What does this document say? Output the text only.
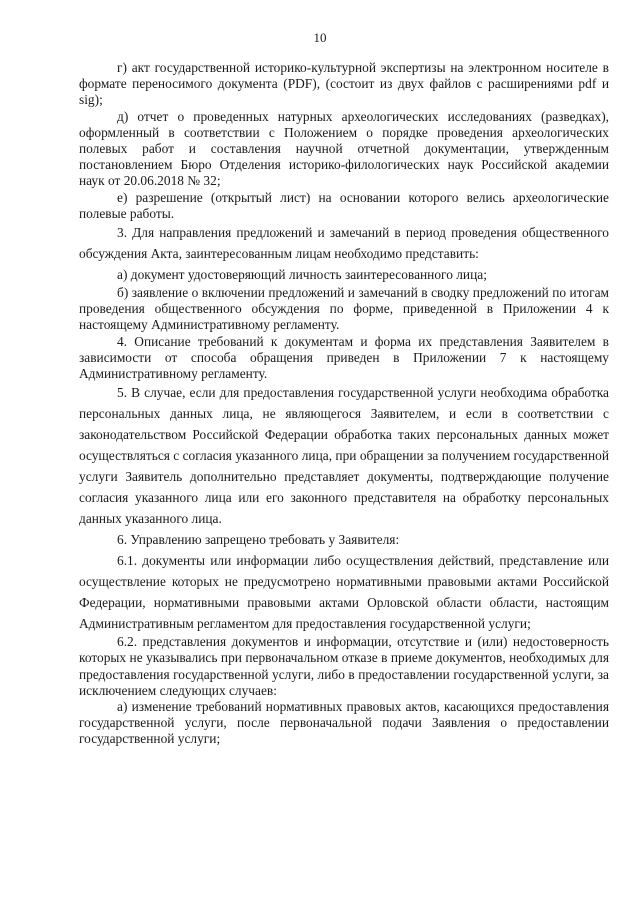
10

г) акт государственной историко-культурной экспертизы на электронном носителе в формате переносимого документа (PDF), (состоит из двух файлов с расширениями pdf и sig);

д) отчет о проведенных натурных археологических исследованиях (разведках), оформленный в соответствии с Положением о порядке проведения археологических полевых работ и составления научной отчетной документации, утвержденным постановлением Бюро Отделения историко-филологических наук Российской академии наук от 20.06.2018 № 32;

е) разрешение (открытый лист) на основании которого велись археологические полевые работы.

3. Для направления предложений и замечаний в период проведения общественного обсуждения Акта, заинтересованным лицам необходимо представить:

а) документ удостоверяющий личность заинтересованного лица;

б) заявление о включении предложений и замечаний в сводку предложений по итогам проведения общественного обсуждения по форме, приведенной в Приложении 4 к настоящему Административному регламенту.

4. Описание требований к документам и форма их представления Заявителем в зависимости от способа обращения приведен в Приложении 7 к настоящему Административному регламенту.

5. В случае, если для предоставления государственной услуги необходима обработка персональных данных лица, не являющегося Заявителем, и если в соответствии с законодательством Российской Федерации обработка таких персональных данных может осуществляться с согласия указанного лица, при обращении за получением государственной услуги Заявитель дополнительно представляет документы, подтверждающие получение согласия указанного лица или его законного представителя на обработку персональных данных указанного лица.

6. Управлению запрещено требовать у Заявителя:

6.1. документы или информации либо осуществления действий, представление или осуществление которых не предусмотрено нормативными правовыми актами Российской Федерации, нормативными правовыми актами Орловской области области, настоящим Административным регламентом для предоставления государственной услуги;

6.2. представления документов и информации, отсутствие и (или) недостоверность которых не указывались при первоначальном отказе в приеме документов, необходимых для предоставления государственной услуги, либо в предоставлении государственной услуги, за исключением следующих случаев:

а) изменение требований нормативных правовых актов, касающихся предоставления государственной услуги, после первоначальной подачи Заявления о предоставлении государственной услуги;
